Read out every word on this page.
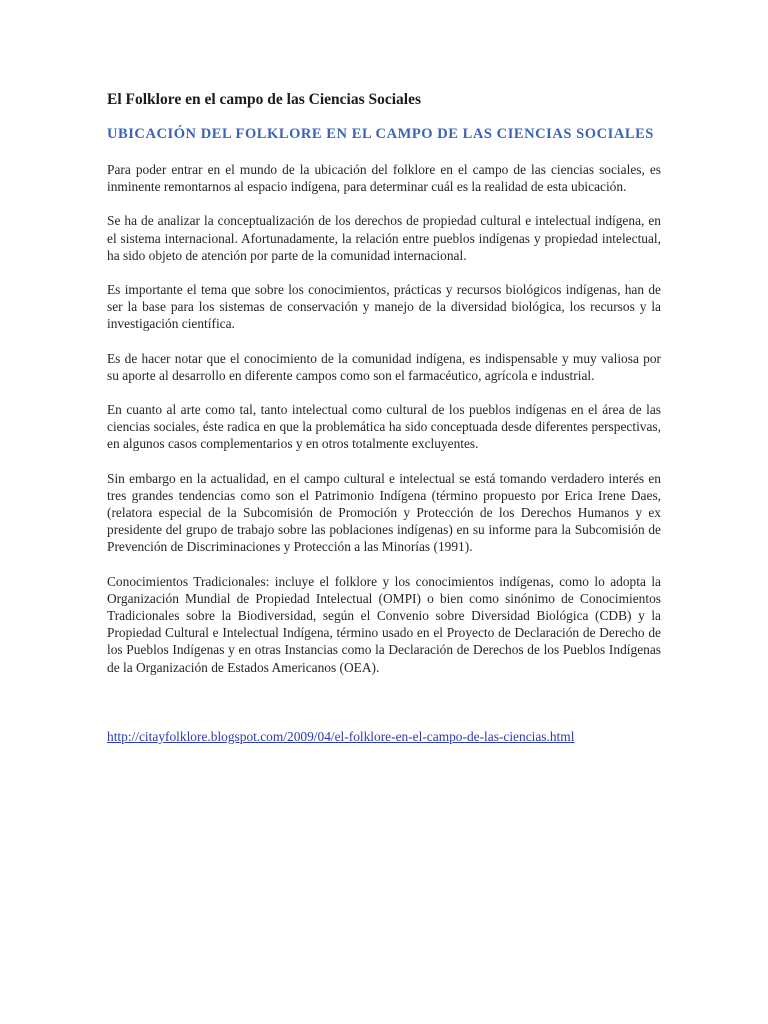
El Folklore en el campo de las Ciencias Sociales
UBICACIÓN DEL FOLKLORE EN EL CAMPO DE LAS CIENCIAS SOCIALES

Para poder entrar en el mundo de la ubicación del folklore en el campo de las ciencias sociales, es inminente remontarnos al espacio indígena, para determinar cuál es la realidad de esta ubicación.

Se ha de analizar la conceptualización de los derechos de propiedad cultural e intelectual indígena, en el sistema internacional. Afortunadamente, la relación entre pueblos indígenas y propiedad intelectual, ha sido objeto de atención por parte de la comunidad internacional.

Es importante el tema que sobre los conocimientos, prácticas y recursos biológicos indígenas, han de ser la base para los sistemas de conservación y manejo de la diversidad biológica, los recursos y la investigación científica.

Es de hacer notar que el conocimiento de la comunidad indígena, es indispensable y muy valiosa por su aporte al desarrollo en diferente campos como son el farmacéutico, agrícola e industrial.

En cuanto al arte como tal, tanto intelectual como cultural de los pueblos indígenas en el área de las ciencias sociales, éste radica en que la problemática ha sido conceptuada desde diferentes perspectivas, en algunos casos complementarios y en otros totalmente excluyentes.

Sin embargo en la actualidad, en el campo cultural e intelectual se está tomando verdadero interés en tres grandes tendencias como son el Patrimonio Indígena (término propuesto por Erica Irene Daes,(relatora especial de la Subcomisión de Promoción y Protección de los Derechos Humanos y ex presidente del grupo de trabajo sobre las poblaciones indígenas) en su informe para la Subcomisión de Prevención de Discriminaciones y Protección a las Minorías (1991).

Conocimientos Tradicionales: incluye el folklore y los conocimientos indígenas, como lo adopta la Organización Mundial de Propiedad Intelectual (OMPI) o bien como sinónimo de Conocimientos Tradicionales sobre la Biodiversidad, según el Convenio sobre Diversidad Biológica (CDB) y la Propiedad Cultural e Intelectual Indígena, término usado en el Proyecto de Declaración de Derecho de los Pueblos Indígenas y en otras Instancias como la Declaración de Derechos de los Pueblos Indígenas de la Organización de Estados Americanos (OEA).

http://citayfolklore.blogspot.com/2009/04/el-folklore-en-el-campo-de-las-ciencias.html
